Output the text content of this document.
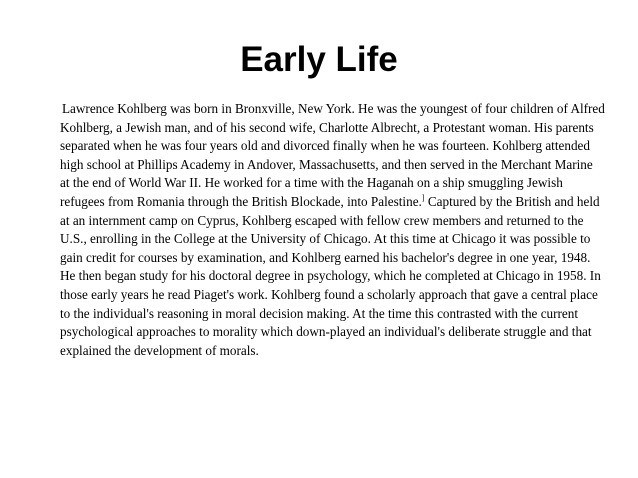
Early Life

Lawrence Kohlberg was born in Bronxville, New York. He was the youngest of four children of Alfred Kohlberg, a Jewish man, and of his second wife, Charlotte Albrecht, a Protestant woman. His parents separated when he was four years old and divorced finally when he was fourteen. Kohlberg attended high school at Phillips Academy in Andover, Massachusetts, and then served in the Merchant Marine at the end of World War II. He worked for a time with the Haganah on a ship smuggling Jewish refugees from Romania through the British Blockade, into Palestine.] Captured by the British and held at an internment camp on Cyprus, Kohlberg escaped with fellow crew members and returned to the U.S., enrolling in the College at the University of Chicago. At this time at Chicago it was possible to gain credit for courses by examination, and Kohlberg earned his bachelor's degree in one year, 1948. He then began study for his doctoral degree in psychology, which he completed at Chicago in 1958. In those early years he read Piaget's work. Kohlberg found a scholarly approach that gave a central place to the individual's reasoning in moral decision making. At the time this contrasted with the current psychological approaches to morality which down-played an individual's deliberate struggle and that explained the development of morals.
